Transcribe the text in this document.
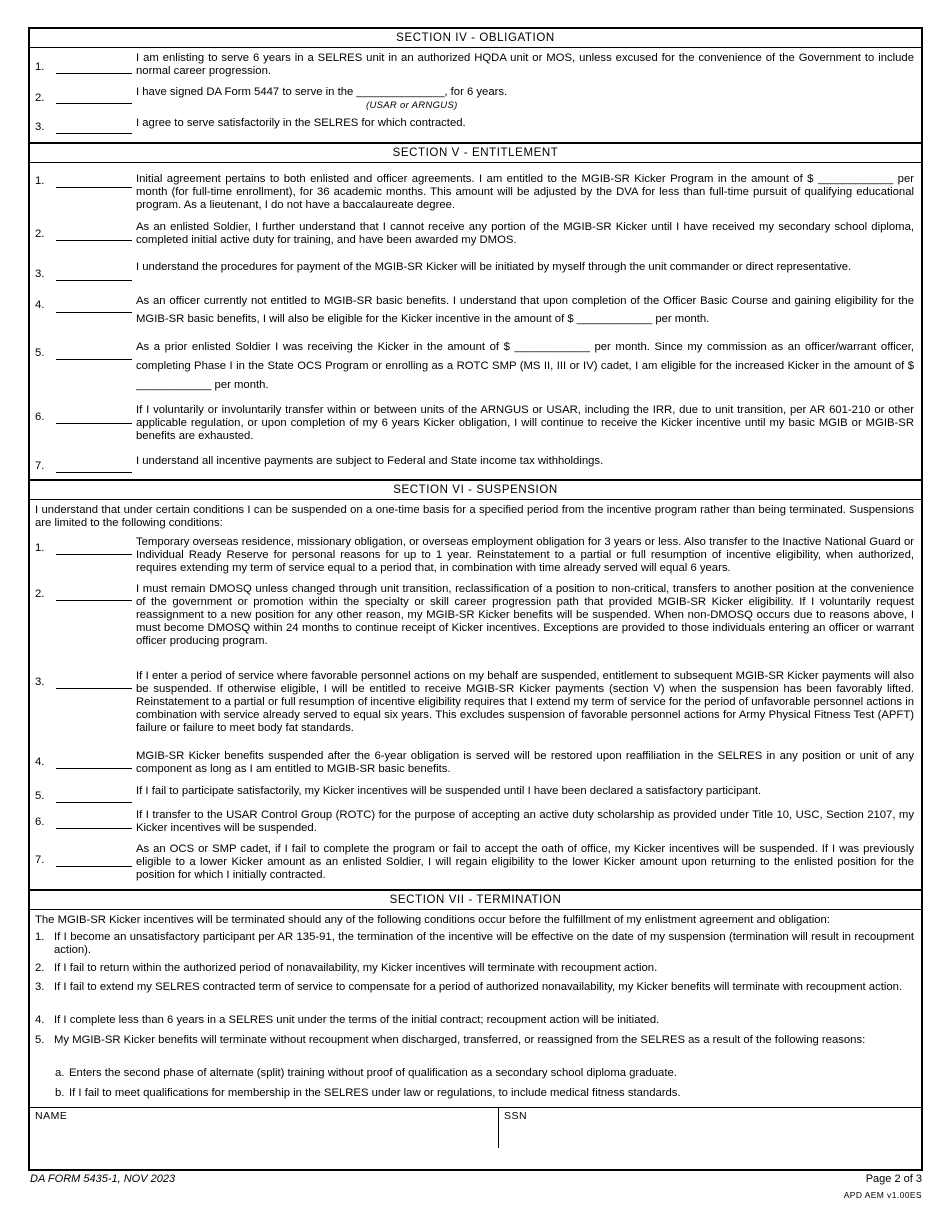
SECTION IV - OBLIGATION
1.
I am enlisting to serve 6 years in a SELRES unit in an authorized HQDA unit or MOS, unless excused for the convenience of the Government to include normal career progression.
2.	I have signed DA Form 5447 to serve in the ______________, for 6 years.
(USAR or ARNGUS)
3.	I agree to serve satisfactorily in the SELRES for which contracted.
SECTION V - ENTITLEMENT
1.	Initial agreement pertains to both enlisted and officer agreements. I am entitled to the MGIB-SR Kicker Program in the amount of $ ____________ per month (for full-time enrollment), for 36 academic months. This amount will be adjusted by the DVA for less than full-time pursuit of qualifying educational program. As a lieutenant, I do not have a baccalaureate degree.
2.
As an enlisted Soldier, I further understand that I cannot receive any portion of the MGIB-SR Kicker until I have received my secondary school diploma, completed initial active duty for training, and have been awarded my DMOS.
3.
I understand the procedures for payment of the MGIB-SR Kicker will be initiated by myself through the unit commander or direct representative.
4.	As an officer currently not entitled to MGIB-SR basic benefits. I understand that upon completion of the Officer Basic Course and gaining eligibility for the MGIB-SR basic benefits, I will also be eligible for the Kicker incentive in the amount of $ ____________ per month.
5.	As a prior enlisted Soldier I was receiving the Kicker in the amount of $ ____________ per month. Since my commission as an officer/warrant officer, completing Phase I in the State OCS Program or enrolling as a ROTC SMP (MS II, III or IV) cadet, I am eligible for the increased Kicker in the amount of $ ____________ per month.
6.
If I voluntarily or involuntarily transfer within or between units of the ARNGUS or USAR, including the IRR, due to unit transition, per AR 601-210 or other applicable regulation, or upon completion of my 6 years Kicker obligation, I will continue to receive the Kicker incentive until my basic MGIB or MGIB-SR benefits are exhausted.
7.	I understand all incentive payments are subject to Federal and State income tax withholdings.
SECTION VI - SUSPENSION
I understand that under certain conditions I can be suspended on a one-time basis for a specified period from the incentive program rather than being terminated. Suspensions are limited to the following conditions:
1.	Temporary overseas residence, missionary obligation, or overseas employment obligation for 3 years or less. Also transfer to the Inactive National Guard or Individual Ready Reserve for personal reasons for up to 1 year. Reinstatement to a partial or full resumption of incentive eligibility, when authorized, requires extending my term of service equal to a period that, in combination with time already served will equal 6 years.
2.	I must remain DMOSQ unless changed through unit transition, reclassification of a position to non-critical, transfers to another position at the convenience of the government or promotion within the specialty or skill career progression path that provided MGIB-SR Kicker eligibility. If I voluntarily request reassignment to a new position for any other reason, my MGIB-SR Kicker benefits will be suspended. When non-DMOSQ occurs due to reasons above, I must become DMOSQ within 24 months to continue receipt of Kicker incentives. Exceptions are provided to those individuals entering an officer or warrant officer producing program.
3.	If I enter a period of service where favorable personnel actions on my behalf are suspended, entitlement to subsequent MGIB-SR Kicker payments will also be suspended. If otherwise eligible, I will be entitled to receive MGIB-SR Kicker payments (section V) when the suspension has been favorably lifted. Reinstatement to a partial or full resumption of incentive eligibility requires that I extend my term of service for the period of unfavorable personnel actions in combination with service already served to equal six years. This excludes suspension of favorable personnel actions for Army Physical Fitness Test (APFT) failure or failure to meet body fat standards.
4.	MGIB-SR Kicker benefits suspended after the 6-year obligation is served will be restored upon reaffiliation in the SELRES in any position or unit of any component as long as I am entitled to MGIB-SR basic benefits.
5.	If I fail to participate satisfactorily, my Kicker incentives will be suspended until I have been declared a satisfactory participant.
6.
If I transfer to the USAR Control Group (ROTC) for the purpose of accepting an active duty scholarship as provided under Title 10, USC, Section 2107, my Kicker incentives will be suspended.
7.
As an OCS or SMP cadet, if I fail to complete the program or fail to accept the oath of office, my Kicker incentives will be suspended. If I was previously eligible to a lower Kicker amount as an enlisted Soldier, I will regain eligibility to the lower Kicker amount upon returning to the enlisted position for the position for which I initially contracted.
SECTION VII - TERMINATION
The MGIB-SR Kicker incentives will be terminated should any of the following conditions occur before the fulfillment of my enlistment agreement and obligation:
1. If I become an unsatisfactory participant per AR 135-91, the termination of the incentive will be effective on the date of my suspension (termination will result in recoupment action).
2. If I fail to return within the authorized period of nonavailability, my Kicker incentives will terminate with recoupment action.
3. If I fail to extend my SELRES contracted term of service to compensate for a period of authorized nonavailability, my Kicker benefits will terminate with recoupment action.
4. If I complete less than 6 years in a SELRES unit under the terms of the initial contract; recoupment action will be initiated.
5. My MGIB-SR Kicker benefits will terminate without recoupment when discharged, transferred, or reassigned from the SELRES as a result of the following reasons:
a. Enters the second phase of alternate (split) training without proof of qualification as a secondary school diploma graduate.
b. If I fail to meet qualifications for membership in the SELRES under law or regulations, to include medical fitness standards.
NAME	SSN
DA FORM 5435-1, NOV 2023	Page 2 of 3
APD AEM v1.00ES
